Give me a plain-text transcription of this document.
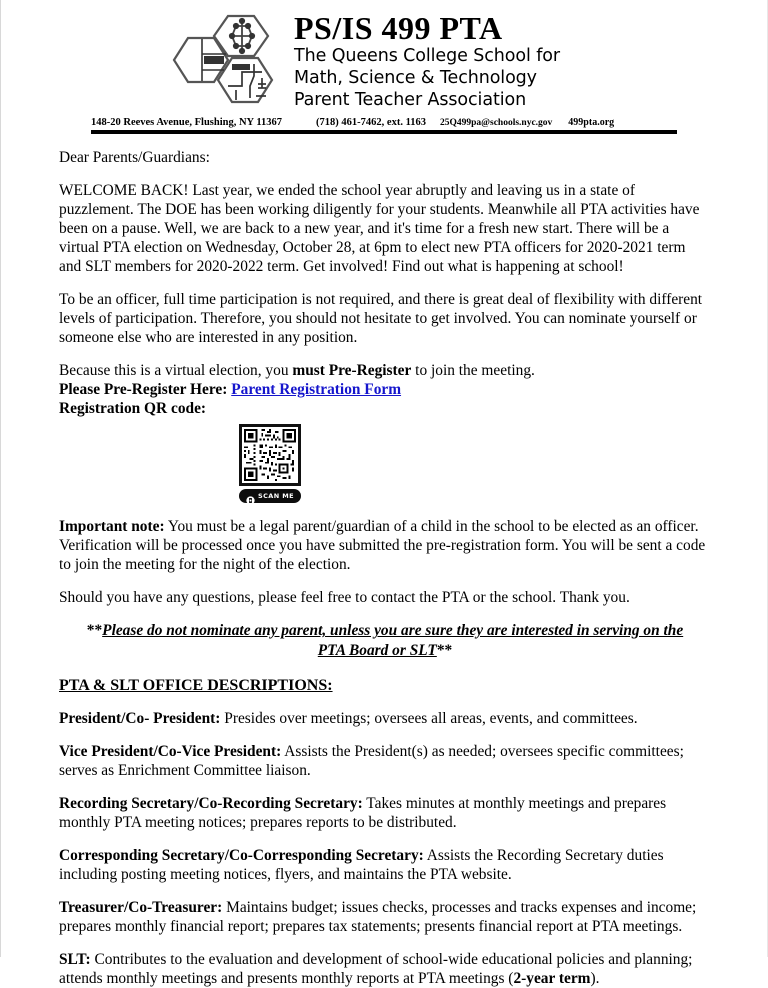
PS/IS 499 PTA
The Queens College School for
Math, Science & Technology
Parent Teacher Association
148-20 Reeves Avenue, Flushing, NY 11367	(718) 461-7462, ext. 1163 25Q499pa@schools.nyc.gov 499pta.org

Dear Parents/Guardians:

WELCOME BACK! Last year, we ended the school year abruptly and leaving us in a state of puzzlement. The DOE has been working diligently for your students. Meanwhile all PTA activities have been on a pause. Well, we are back to a new year, and it's time for a fresh new start. There will be a virtual PTA election on Wednesday, October 28, at 6pm to elect new PTA officers for 2020-2021 term and SLT members for 2020-2022 term. Get involved! Find out what is happening at school!

To be an officer, full time participation is not required, and there is great deal of flexibility with different levels of participation. Therefore, you should not hesitate to get involved. You can nominate yourself or someone else who are interested in any position.

Because this is a virtual election, you must Pre-Register to join the meeting.

Please Pre-Register Here: Parent Registration Form

Registration QR code:

SCAN ME

Important note: You must be a legal parent/guardian of a child in the school to be elected as an officer. Verification will be processed once you have submitted the pre-registration form. You will be sent a code to join the meeting for the night of the election.

Should you have any questions, please feel free to contact the PTA or the school. Thank you.

**Please do not nominate any parent, unless you are sure they are interested in serving on the PTA Board or SLT**

PTA & SLT OFFICE DESCRIPTIONS:

President/Co- President: Presides over meetings; oversees all areas, events, and committees.

Vice President/Co-Vice President: Assists the President(s) as needed; oversees specific committees; serves as Enrichment Committee liaison.

Recording Secretary/Co-Recording Secretary: Takes minutes at monthly meetings and prepares monthly PTA meeting notices; prepares reports to be distributed.

Corresponding Secretary/Co-Corresponding Secretary: Assists the Recording Secretary duties including posting meeting notices, flyers, and maintains the PTA website.

Treasurer/Co-Treasurer: Maintains budget; issues checks, processes and tracks expenses and income; prepares monthly financial report; prepares tax statements; presents financial report at PTA meetings.

SLT: Contributes to the evaluation and development of school-wide educational policies and planning; attends monthly meetings and presents monthly reports at PTA meetings (2-year term).
